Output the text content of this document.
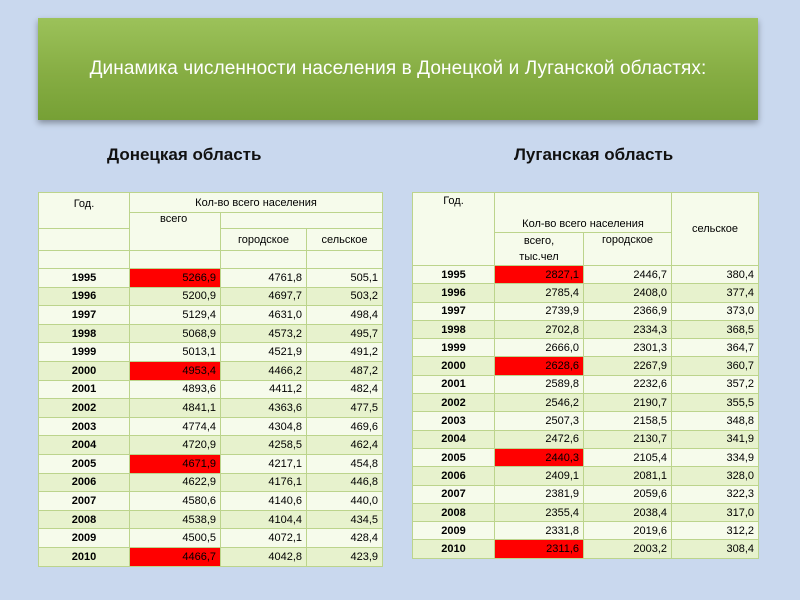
Динамика численности населения в Донецкой и Луганской областях:
Донецкая область	Луганская область
Год.	Кол-во всего населения		
	всего		
		городское	сельское

1995	5266,9	4761,8	505,1
1996	5200,9	4697,7	503,2
1997	5129,4	4631,0	498,4
1998	5068,9	4573,2	495,7
1999	5013,1	4521,9	491,2
2000	4953,4	4466,2	487,2
2001	4893,6	4411,2	482,4
2002	4841,1	4363,6	477,5
2003	4774,4	4304,8	469,6
2004	4720,9	4258,5	462,4
2005	4671,9	4217,1	454,8
2006	4622,9	4176,1	446,8
2007	4580,6	4140,6	440,0
2008	4538,9	4104,4	434,5
2009	4500,5	4072,1	428,4
2010	4466,7	4042,8	423,9
Год.	Кол-во всего населения		сельское
	всего, тыс.чел	городское	
1995	2827,1	2446,7	380,4
1996	2785,4	2408,0	377,4
1997	2739,9	2366,9	373,0
1998	2702,8	2334,3	368,5
1999	2666,0	2301,3	364,7
2000	2628,6	2267,9	360,7
2001	2589,8	2232,6	357,2
2002	2546,2	2190,7	355,5
2003	2507,3	2158,5	348,8
2004	2472,6	2130,7	341,9
2005	2440,3	2105,4	334,9
2006	2409,1	2081,1	328,0
2007	2381,9	2059,6	322,3
2008	2355,4	2038,4	317,0
2009	2331,8	2019,6	312,2
2010	2311,6	2003,2	308,4
